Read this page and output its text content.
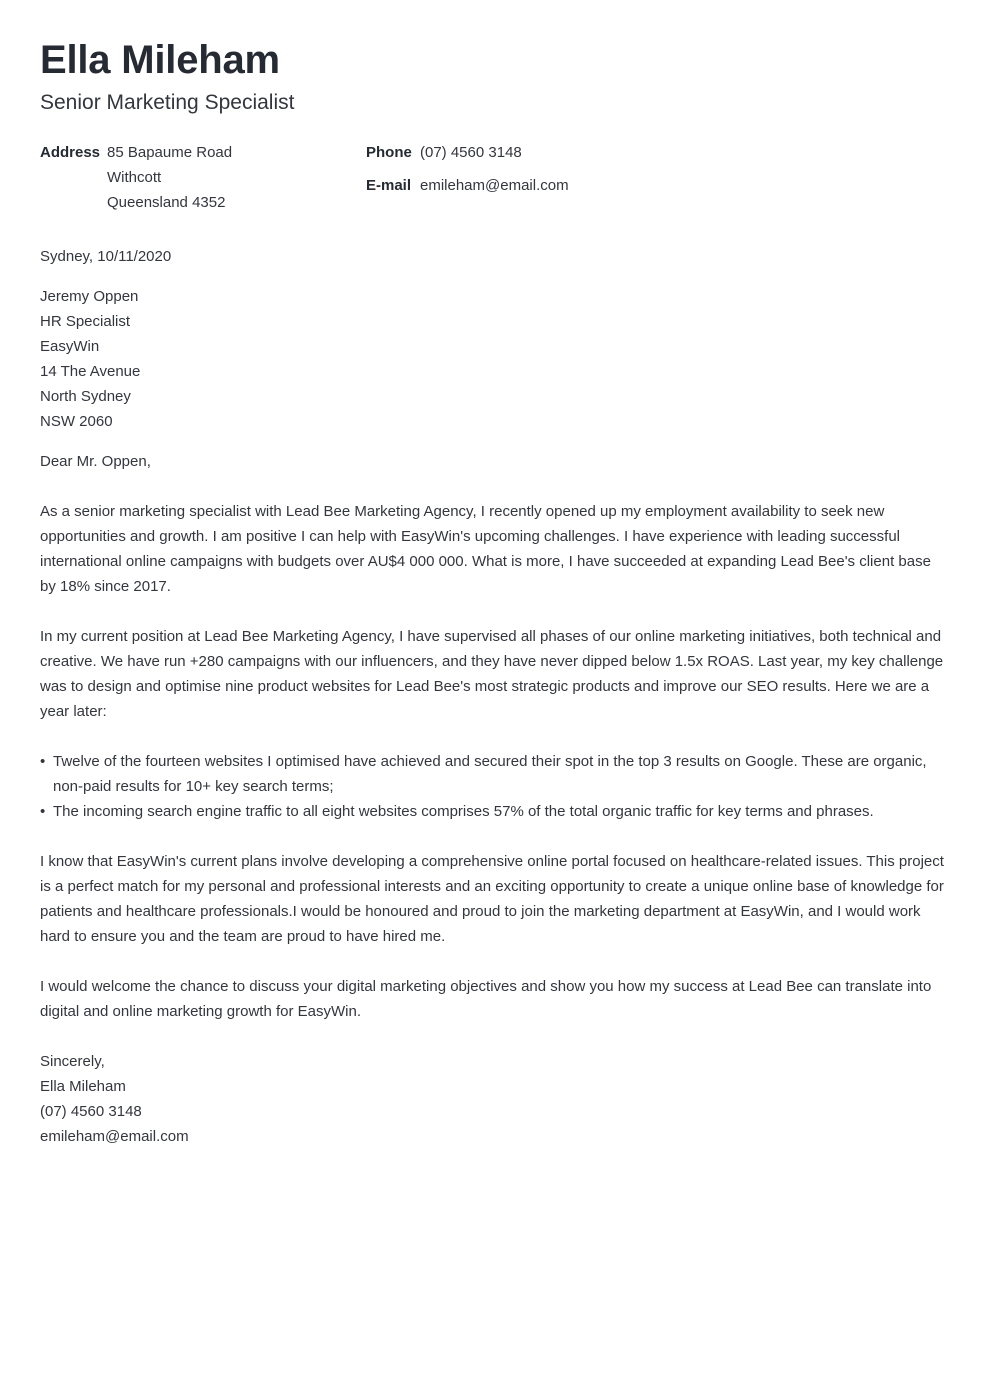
Ella Mileham
Senior Marketing Specialist
Address 85 Bapaume Road
Withcott
Queensland 4352
Phone (07) 4560 3148
E-mail emileham@email.com
Sydney, 10/11/2020
Jeremy Oppen
HR Specialist
EasyWin
14 The Avenue
North Sydney
NSW 2060
Dear Mr. Oppen,

As a senior marketing specialist with Lead Bee Marketing Agency, I recently opened up my employment availability to seek new opportunities and growth. I am positive I can help with EasyWin's upcoming challenges. I have experience with leading successful international online campaigns with budgets over AU$4 000 000. What is more, I have succeeded at expanding Lead Bee's client base by 18% since 2017.

In my current position at Lead Bee Marketing Agency, I have supervised all phases of our online marketing initiatives, both technical and creative. We have run +280 campaigns with our influencers, and they have never dipped below 1.5x ROAS. Last year, my key challenge was to design and optimise nine product websites for Lead Bee's most strategic products and improve our SEO results. Here we are a year later:

• Twelve of the fourteen websites I optimised have achieved and secured their spot in the top 3 results on Google. These are organic, non-paid results for 10+ key search terms;
• The incoming search engine traffic to all eight websites comprises 57% of the total organic traffic for key terms and phrases.

I know that EasyWin's current plans involve developing a comprehensive online portal focused on healthcare-related issues. This project is a perfect match for my personal and professional interests and an exciting opportunity to create a unique online base of knowledge for patients and healthcare professionals.I would be honoured and proud to join the marketing department at EasyWin, and I would work hard to ensure you and the team are proud to have hired me.

I would welcome the chance to discuss your digital marketing objectives and show you how my success at Lead Bee can translate into digital and online marketing growth for EasyWin.

Sincerely,
Ella Mileham
(07) 4560 3148
emileham@email.com
